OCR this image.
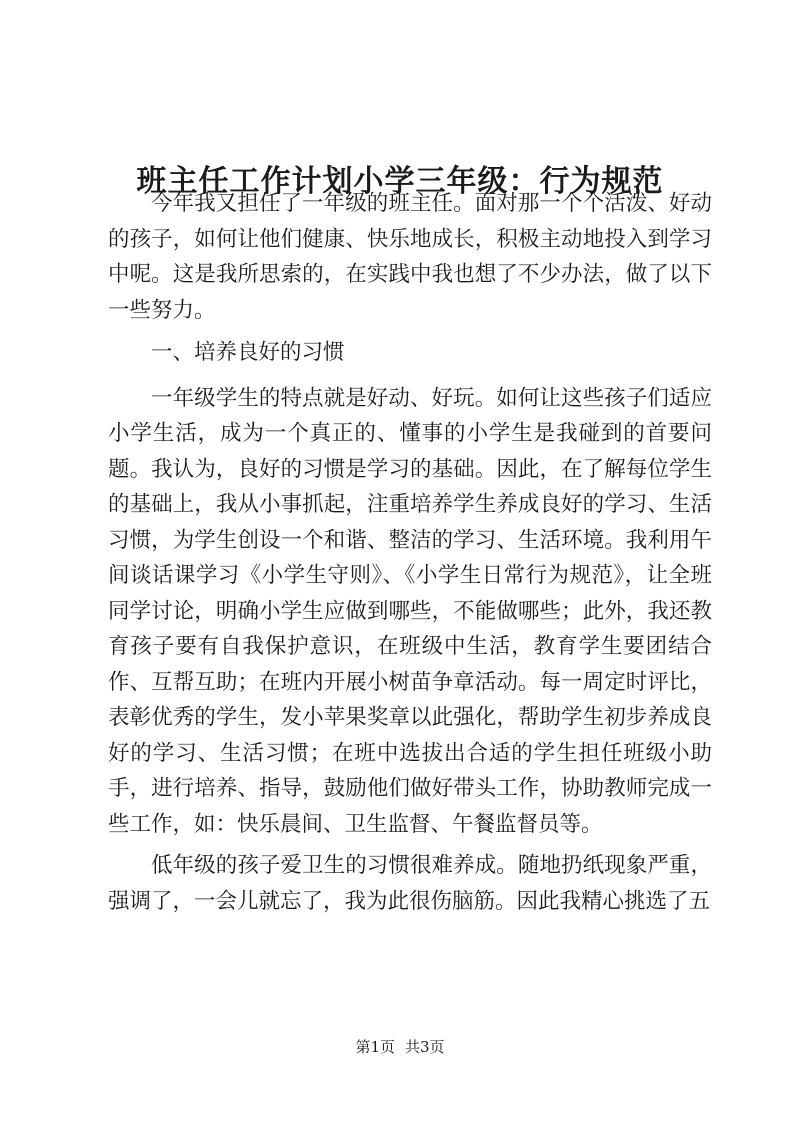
班主任工作计划小学三年级：行为规范

今年我又担任了一年级的班主任。面对那一个个活泼、好动的孩子，如何让他们健康、快乐地成长，积极主动地投入到学习中呢。这是我所思索的，在实践中我也想了不少办法，做了以下一些努力。

一、培养良好的习惯

一年级学生的特点就是好动、好玩。如何让这些孩子们适应小学生活，成为一个真正的、懂事的小学生是我碰到的首要问题。我认为，良好的习惯是学习的基础。因此，在了解每位学生的基础上，我从小事抓起，注重培养学生养成良好的学习、生活习惯，为学生创设一个和谐、整洁的学习、生活环境。我利用午间谈话课学习《小学生守则》、《小学生日常行为规范》，让全班同学讨论，明确小学生应做到哪些，不能做哪些；此外，我还教育孩子要有自我保护意识，在班级中生活，教育学生要团结合作、互帮互助；在班内开展小树苗争章活动。每一周定时评比，表彰优秀的学生，发小苹果奖章以此强化，帮助学生初步养成良好的学习、生活习惯；在班中选拔出合适的学生担任班级小助手，进行培养、指导，鼓励他们做好带头工作，协助教师完成一些工作，如：快乐晨间、卫生监督、午餐监督员等。

低年级的孩子爱卫生的习惯很难养成。随地扔纸现象严重，强调了，一会儿就忘了，我为此很伤脑筋。因此我精心挑选了五

第1页 共3页
